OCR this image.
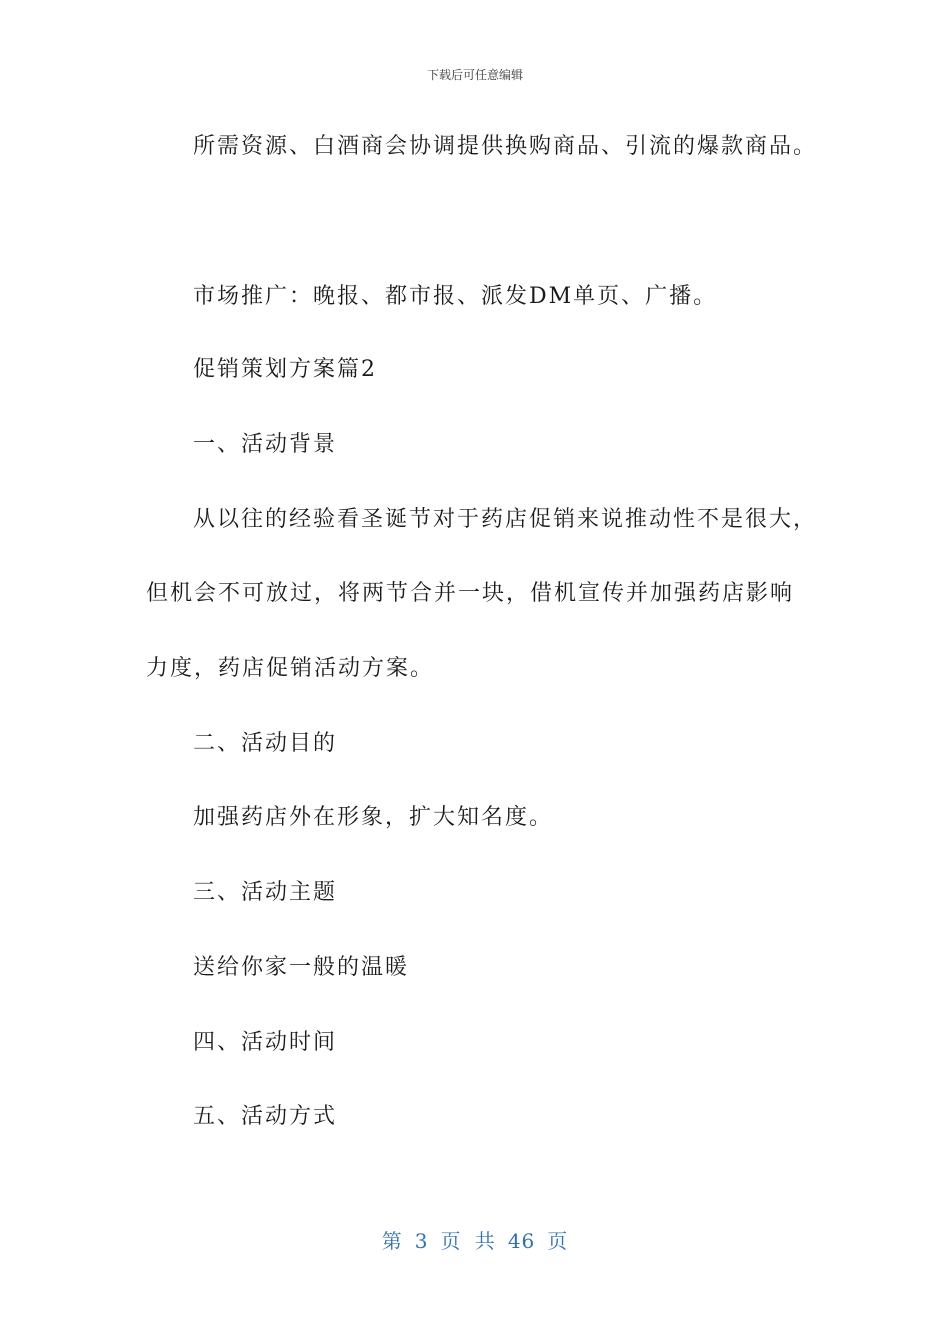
下载后可任意编辑
所需资源、白酒商会协调提供换购商品、引流的爆款商品。
市场推广：晚报、都市报、派发DM单页、广播。
促销策划方案篇2
一、活动背景
从以往的经验看圣诞节对于药店促销来说推动性不是很大，
但机会不可放过，将两节合并一块，借机宣传并加强药店影响
力度，药店促销活动方案。
二、活动目的
加强药店外在形象，扩大知名度。
三、活动主题
送给你家一般的温暖
四、活动时间
五、活动方式
第 3 页 共 46 页
